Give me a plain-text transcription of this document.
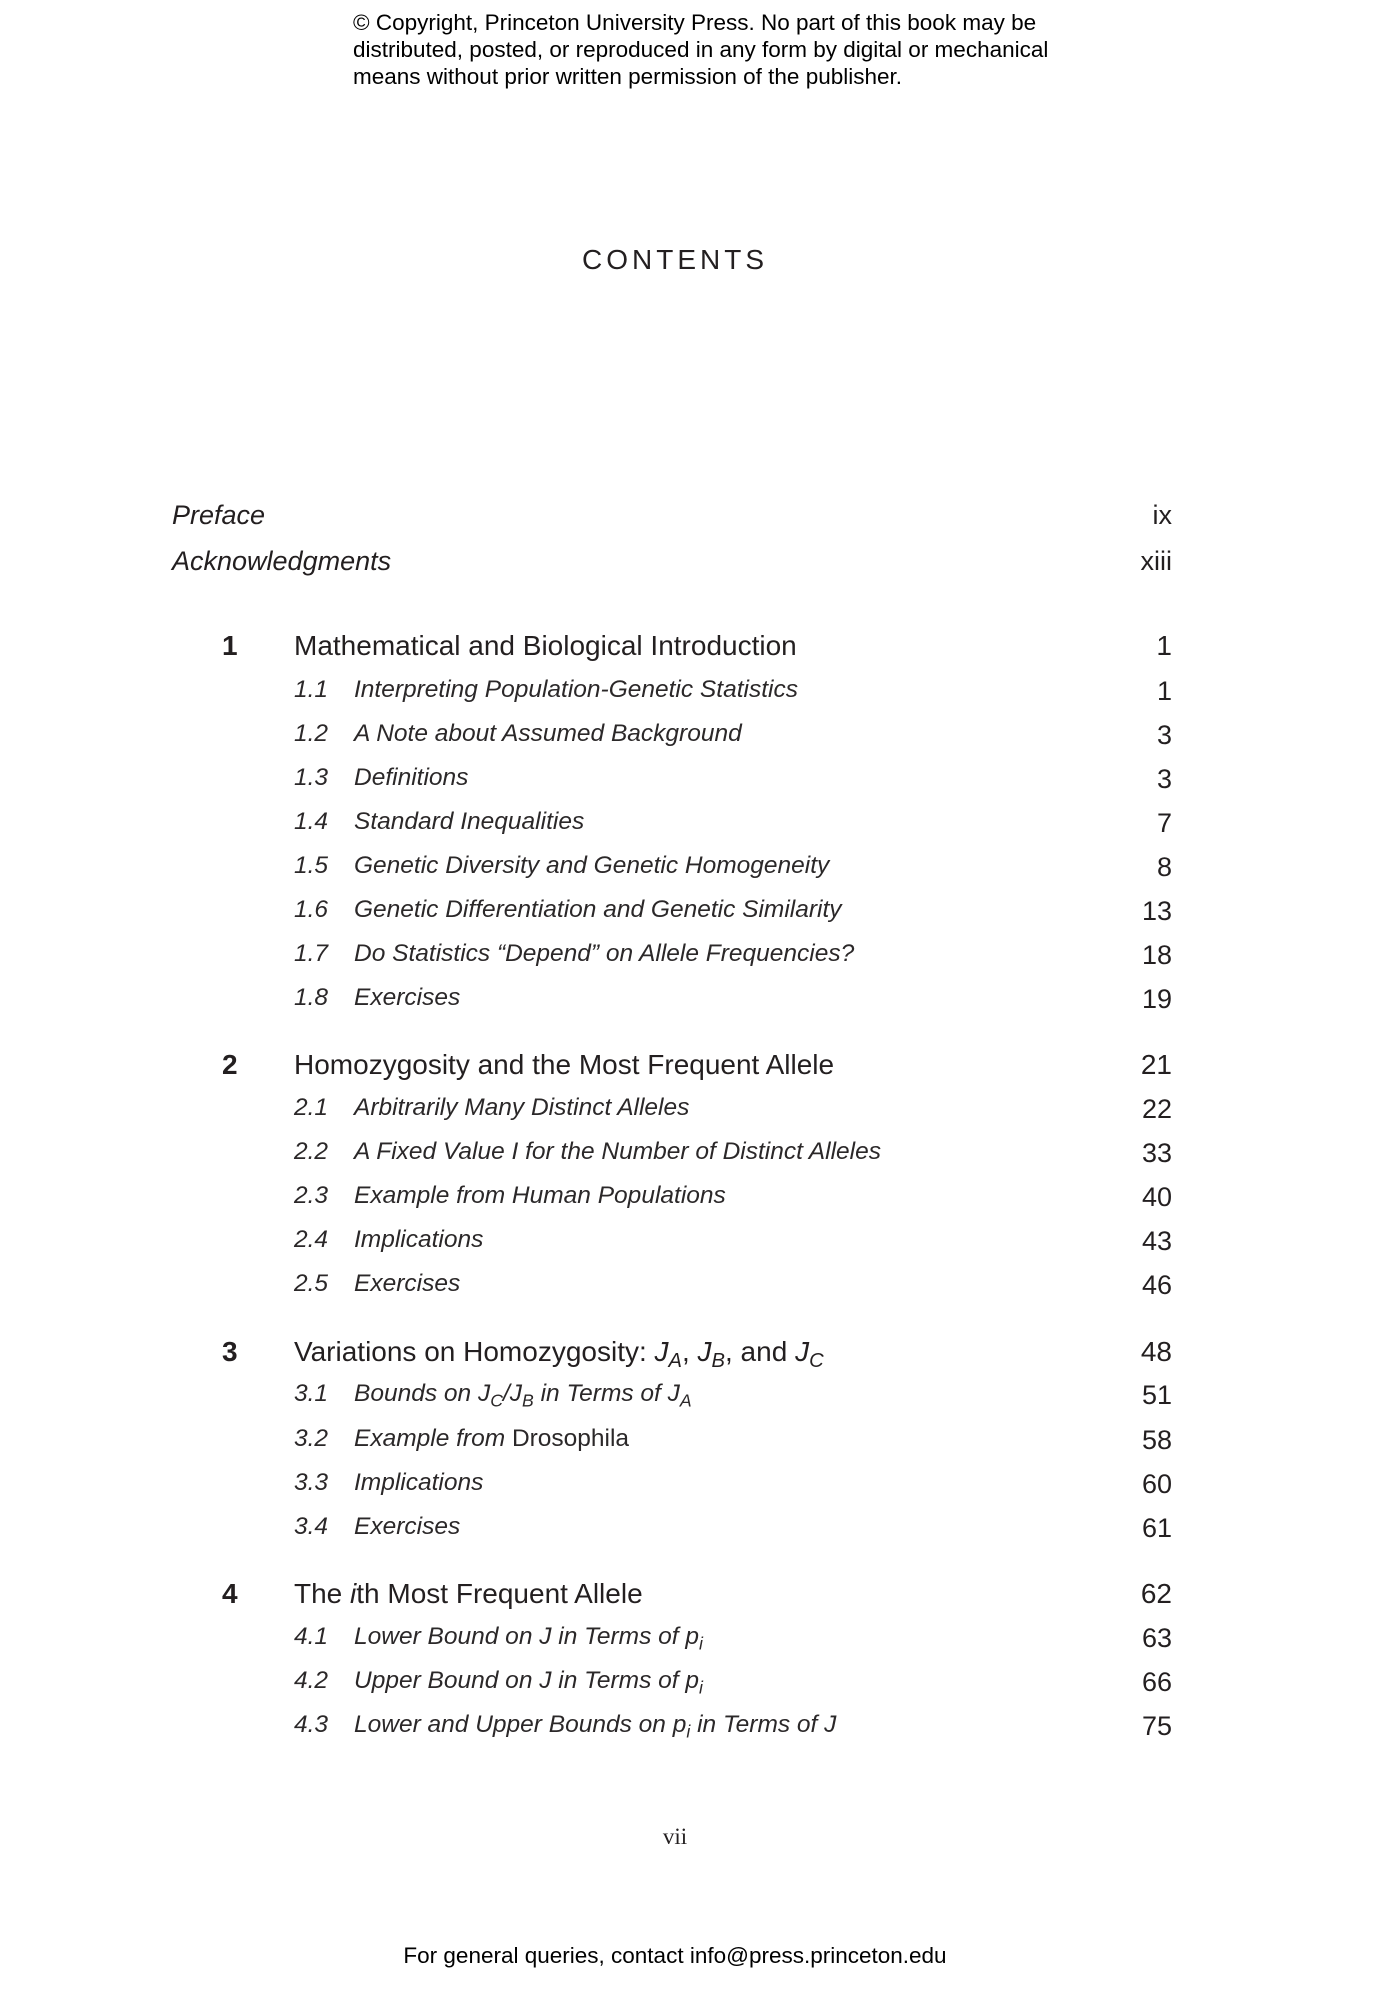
© Copyright, Princeton University Press. No part of this book may be
distributed, posted, or reproduced in any form by digital or mechanical
means without prior written permission of the publisher.
CONTENTS
Preface	ix
Acknowledgments	xiii
1 Mathematical and Biological Introduction	1
1.1 Interpreting Population-Genetic Statistics	1
1.2 A Note about Assumed Background	3
1.3 Definitions	3
1.4 Standard Inequalities	7
1.5 Genetic Diversity and Genetic Homogeneity	8
1.6 Genetic Differentiation and Genetic Similarity	13
1.7 Do Statistics “Depend” on Allele Frequencies?	18
1.8 Exercises	19
2 Homozygosity and the Most Frequent Allele	21
2.1 Arbitrarily Many Distinct Alleles	22
2.2 A Fixed Value I for the Number of Distinct Alleles	33
2.3 Example from Human Populations	40
2.4 Implications	43
2.5 Exercises	46
3 Variations on Homozygosity: $J_A$, $J_B$, and $J_C$	48
3.1 Bounds on $J_C/J_B$ in Terms of $J_A$	51
3.2 Example from Drosophila	58
3.3 Implications	60
3.4 Exercises	61
4 The ith Most Frequent Allele	62
4.1 Lower Bound on J in Terms of $p_i$	63
4.2 Upper Bound on J in Terms of $p_i$	66
4.3 Lower and Upper Bounds on $p_i$ in Terms of J	75
vii
For general queries, contact info@press.princeton.edu
